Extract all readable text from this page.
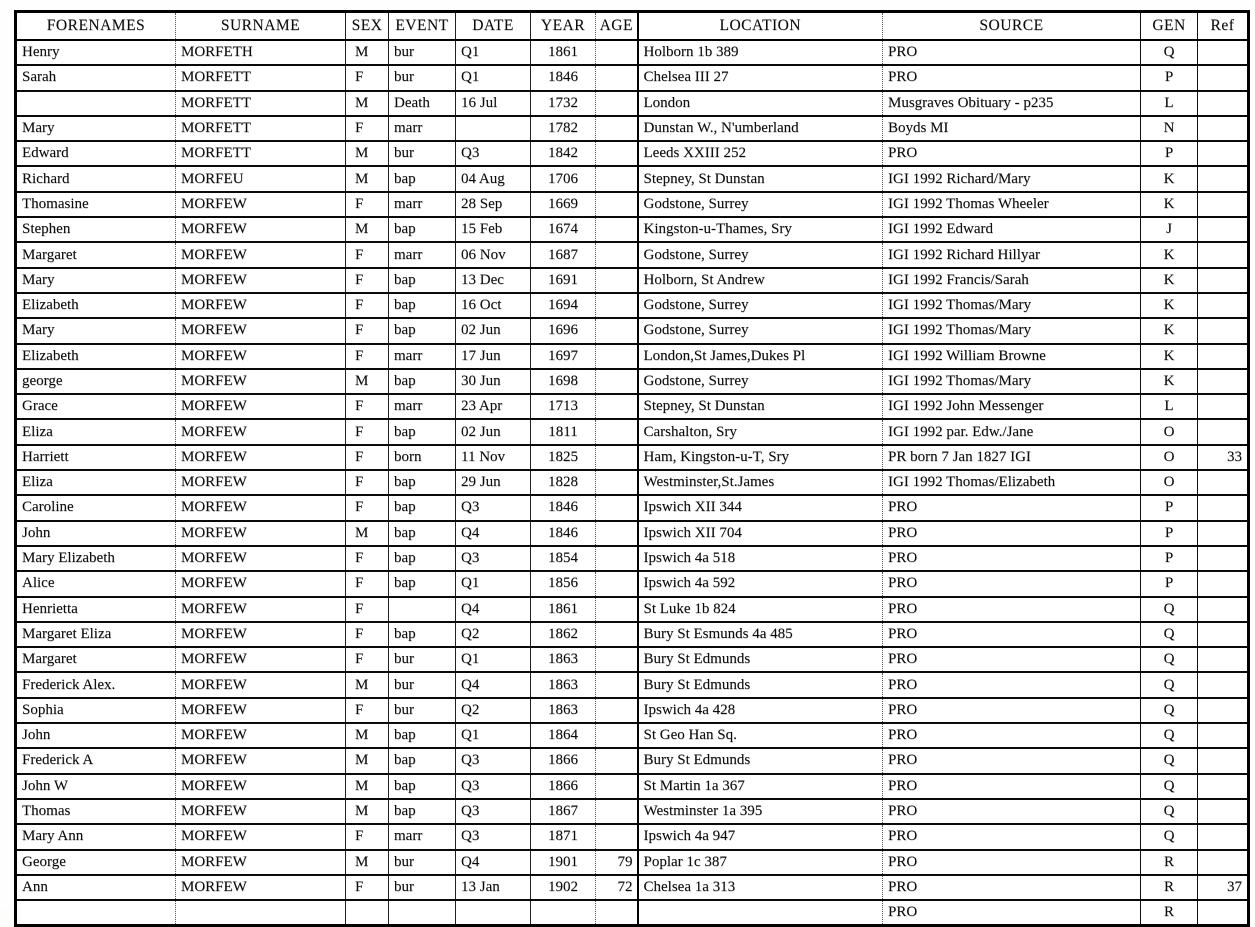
FORENAMES	SURNAME	SEX	EVENT	DATE	YEAR	AGE	LOCATION	SOURCE	GEN	Ref
Henry	MORFETH	M	bur	Q1	1861		Holborn 1b 389	PRO	Q	
Sarah	MORFETT	F	bur	Q1	1846		Chelsea III 27	PRO	P	
	MORFETT	M	Death	16 Jul	1732		London	Musgraves Obituary - p235	L	
Mary	MORFETT	F	marr		1782		Dunstan W., N'umberland	Boyds MI	N	
Edward	MORFETT	M	bur	Q3	1842		Leeds XXIII 252	PRO	P	
Richard	MORFEU	M	bap	04 Aug	1706		Stepney, St Dunstan	IGI 1992 Richard/Mary	K	
Thomasine	MORFEW	F	marr	28 Sep	1669		Godstone, Surrey	IGI 1992 Thomas Wheeler	K	
Stephen	MORFEW	M	bap	15 Feb	1674		Kingston-u-Thames, Sry	IGI 1992 Edward	J	
Margaret	MORFEW	F	marr	06 Nov	1687		Godstone, Surrey	IGI 1992 Richard Hillyar	K	
Mary	MORFEW	F	bap	13 Dec	1691		Holborn, St Andrew	IGI 1992 Francis/Sarah	K	
Elizabeth	MORFEW	F	bap	16 Oct	1694		Godstone, Surrey	IGI 1992 Thomas/Mary	K	
Mary	MORFEW	F	bap	02 Jun	1696		Godstone, Surrey	IGI 1992 Thomas/Mary	K	
Elizabeth	MORFEW	F	marr	17 Jun	1697		London,St James,Dukes Pl	IGI 1992 William Browne	K	
george	MORFEW	M	bap	30 Jun	1698		Godstone, Surrey	IGI 1992 Thomas/Mary	K	
Grace	MORFEW	F	marr	23 Apr	1713		Stepney, St Dunstan	IGI 1992 John Messenger	L	
Eliza	MORFEW	F	bap	02 Jun	1811		Carshalton, Sry	IGI 1992 par. Edw./Jane	O	
Harriett	MORFEW	F	born	11 Nov	1825		Ham, Kingston-u-T, Sry	PR born 7 Jan 1827 IGI	O	33
Eliza	MORFEW	F	bap	29 Jun	1828		Westminster,St.James	IGI 1992 Thomas/Elizabeth	O	
Caroline	MORFEW	F	bap	Q3	1846		Ipswich XII 344	PRO	P	
John	MORFEW	M	bap	Q4	1846		Ipswich XII 704	PRO	P	
Mary Elizabeth	MORFEW	F	bap	Q3	1854		Ipswich 4a 518	PRO	P	
Alice	MORFEW	F	bap	Q1	1856		Ipswich 4a 592	PRO	P	
Henrietta	MORFEW	F		Q4	1861		St Luke 1b 824	PRO	Q	
Margaret Eliza	MORFEW	F	bap	Q2	1862		Bury St Esmunds 4a 485	PRO	Q	
Margaret	MORFEW	F	bur	Q1	1863		Bury St Edmunds	PRO	Q	
Frederick Alex.	MORFEW	M	bur	Q4	1863		Bury St Edmunds	PRO	Q	
Sophia	MORFEW	F	bur	Q2	1863		Ipswich 4a 428	PRO	Q	
John	MORFEW	M	bap	Q1	1864		St Geo Han Sq.	PRO	Q	
Frederick A	MORFEW	M	bap	Q3	1866		Bury St Edmunds	PRO	Q	
John W	MORFEW	M	bap	Q3	1866		St Martin 1a 367	PRO	Q	
Thomas	MORFEW	M	bap	Q3	1867		Westminster 1a 395	PRO	Q	
Mary Ann	MORFEW	F	marr	Q3	1871		Ipswich 4a 947	PRO	Q	
George	MORFEW	M	bur	Q4	1901	79	Poplar 1c 387	PRO	R	
Ann	MORFEW	F	bur	13 Jan	1902	72	Chelsea 1a 313	PRO	R	37
								PRO	R	
